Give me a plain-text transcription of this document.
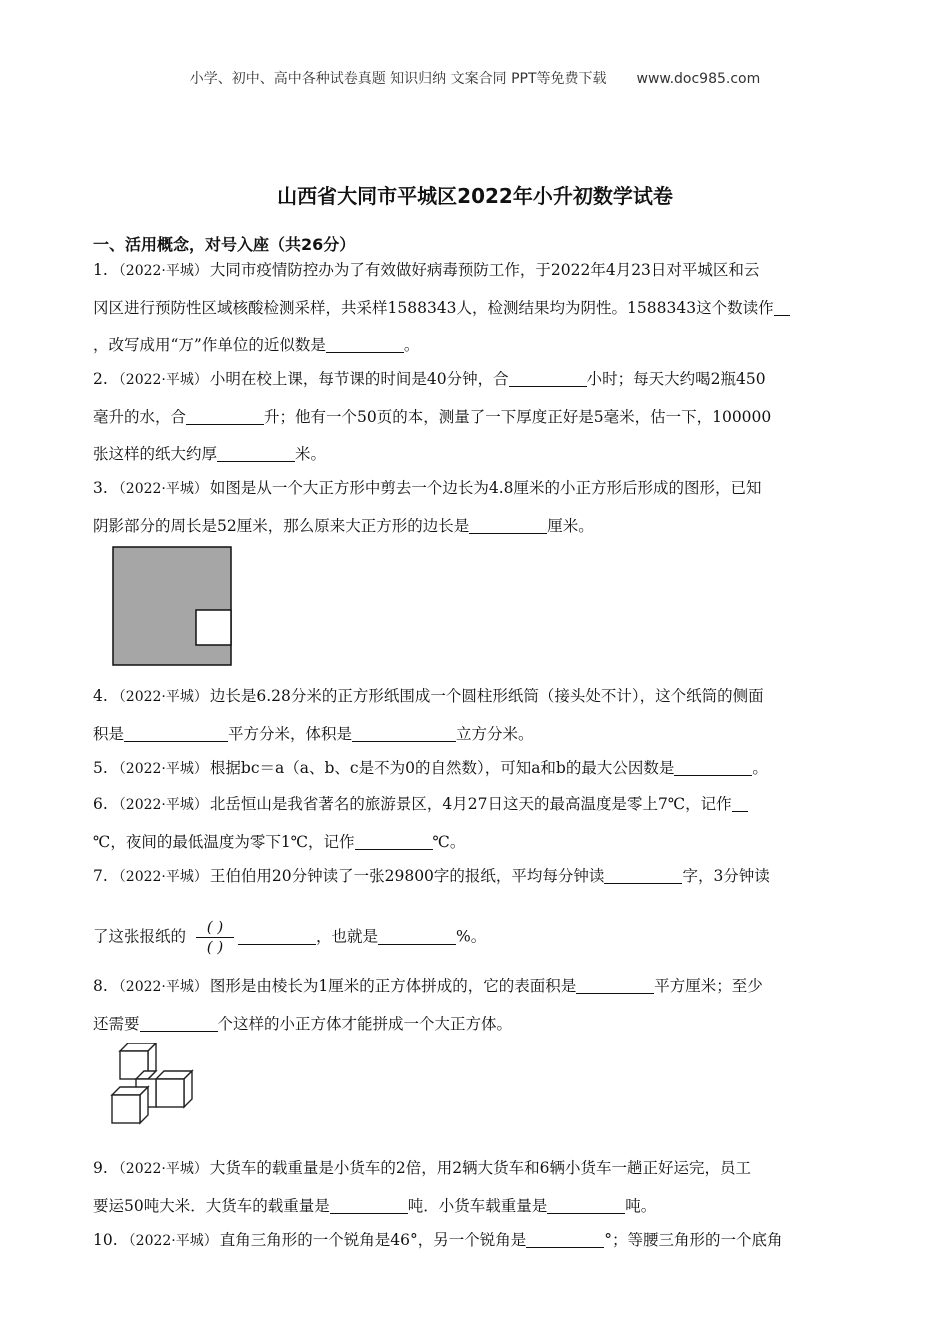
小学、初中、高中各种试卷真题 知识归纳 文案合同 PPT等免费下载 www.doc985.com
山西省大同市平城区2022年小升初数学试卷
一、活用概念，对号入座（共26分）
1. （2022·平城） 大同市疫情防控办为了有效做好病毒预防工作，于2022年4月23日对平城区和云
冈区进行预防性区域核酸检测采样，共采样1588343人，检测结果均为阴性。1588343这个数读作
，改写成用“万”作单位的近似数是	。
2. （2022·平城） 小明在校上课，每节课的时间是40分钟，合	小时；每天大约喝2瓶450
毫升的水，合	升；他有一个50页的本，测量了一下厚度正好是5毫米，估一下，100000
张这样的纸大约厚	米。
3. （2022·平城） 如图是从一个大正方形中剪去一个边长为4.8厘米的小正方形后形成的图形，已知
阴影部分的周长是52厘米，那么原来大正方形的边长是	厘米。
4. （2022·平城） 边长是6.28分米的正方形纸围成一个圆柱形纸筒（接头处不计），这个纸筒的侧面
积是	平方分米，体积是	立方分米。
5. （2022·平城） 根据bc＝a（a、b、c是不为0的自然数），可知a和b的最大公因数是	。
6. （2022·平城） 北岳恒山是我省著名的旅游景区，4月27日这天的最高温度是零上7℃，记作
℃，夜间的最低温度为零下1℃，记作	℃。
7. （2022·平城） 王伯伯用20分钟读了一张29800字的报纸，平均每分钟读	字，3分钟读
了这张报纸的 $\frac{( )}{( )}$	，也就是	%。
8. （2022·平城） 图形是由棱长为1厘米的正方体拼成的，它的表面积是	平方厘米；至少
还需要	个这样的小正方体才能拼成一个大正方体。
9. （2022·平城） 大货车的载重量是小货车的2倍，用2辆大货车和6辆小货车一趟正好运完，员工
要运50吨大米．大货车的载重量是	吨．小货车载重量是	吨。
10. （2022·平城） 直角三角形的一个锐角是46°，另一个锐角是	°；等腰三角形的一个底角
